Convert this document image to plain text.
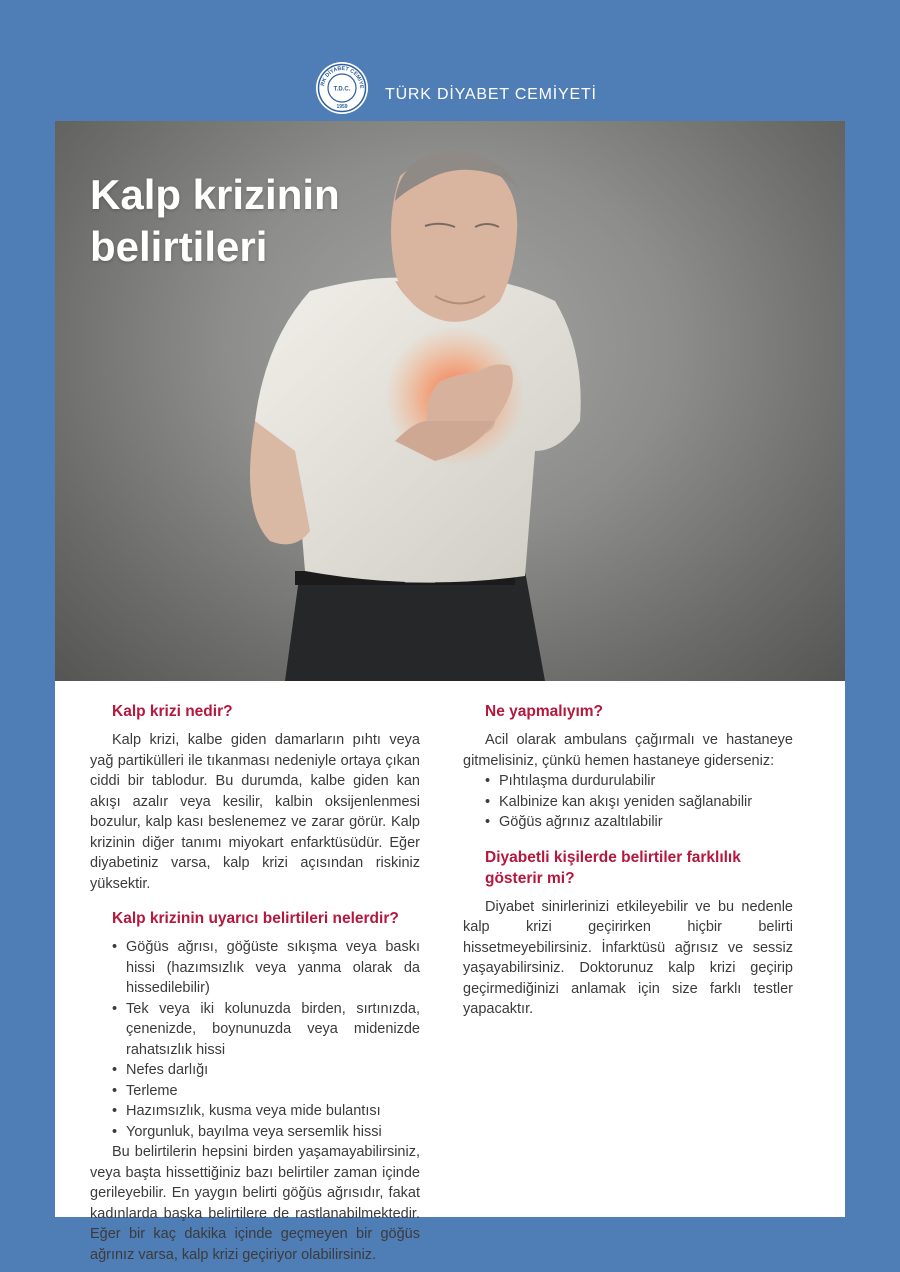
RK DİYABET CEMİYE
T.D.C.
1959
TÜRK DİYABET CEMİYETİ
Kalp krizinin belirtileri
Kalp krizi nedir?

Kalp krizi, kalbe giden damarların pıhtı veya yağ partikülleri ile tıkanması nedeniyle ortaya çıkan ciddi bir tablodur. Bu durumda, kalbe giden kan akışı azalır veya kesilir, kalbin oksijenlenmesi bozulur, kalp kası beslenemez ve zarar görür. Kalp krizinin diğer tanımı miyokart enfarktüsüdür. Eğer diyabetiniz varsa, kalp krizi açısından riskiniz yüksektir.

Kalp krizinin uyarıcı belirtileri nelerdir?
• Göğüs ağrısı, göğüste sıkışma veya baskı hissi (hazımsızlık veya yanma olarak da hissedilebilir)
• Tek veya iki kolunuzda birden, sırtınızda, çenenizde, boynunuzda veya midenizde rahatsızlık hissi
• Nefes darlığı
• Terleme
• Hazımsızlık, kusma veya mide bulantısı
• Yorgunluk, bayılma veya sersemlik hissi

Bu belirtilerin hepsini birden yaşamayabilirsiniz, veya başta hissettiğiniz bazı belirtiler zaman içinde gerileyebilir. En yaygın belirti göğüs ağrısıdır, fakat kadınlarda başka belirtilere de rastlanabilmektedir. Eğer bir kaç dakika içinde geçmeyen bir göğüs ağrınız varsa, kalp krizi geçiriyor olabilirsiniz.

Ne yapmalıyım?

Acil olarak ambulans çağırmalı ve hastaneye gitmelisiniz, çünkü hemen hastaneye giderseniz:

• Pıhtılaşma durdurulabilir
• Kalbinize kan akışı yeniden sağlanabilir
• Göğüs ağrınız azaltılabilir
Diyabetli kişilerde belirtiler farklılık gösterir mi?

Diyabet sinirlerinizi etkileyebilir ve bu nedenle kalp krizi geçirirken hiçbir belirti hissetmeyebilirsiniz. İnfarktüsü ağrısız ve sessiz yaşayabilirsiniz. Doktorunuz kalp krizi geçirip geçirmediğinizi anlamak için size farklı testler yapacaktır.
